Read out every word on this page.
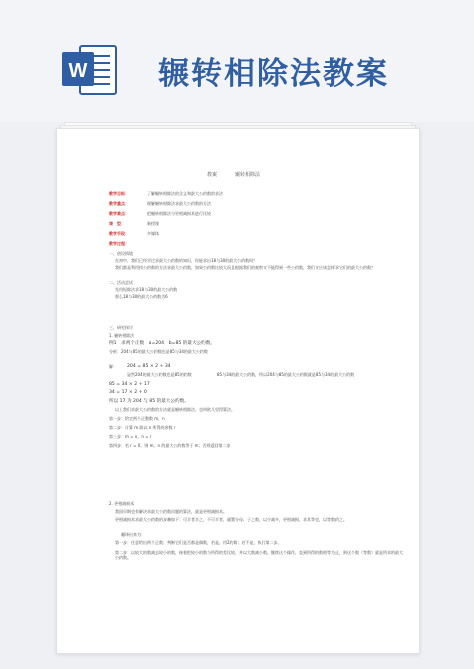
W 辗转相除法教案
教案	辗转相除法
教学目标：	了解辗转相除法的含义和最大公约数的求法
教学重点：	理解辗转相除法求最大公约数的方法
教学难点：	把辗转相除法与更相减损术进行比较
课　型：	新授课
教学手段：	多媒体
教学过程：
一、创设情境
在初中，我们已经学过求最大公约数的知识，你能求出18与30的最大公约数吗？
我们都是利用找公约数的方法求最大公约数，如果公约数比较大而且根据我们的观察又不能得到一些公约数，我们又应该怎样求它们的最大公约数？
二、活动尝试
先用短除法求18与30的最大公约数
那么18与30的最大公约数为6
三、研究探讨
1. 辗转相除法
例1　求两个正数　a=204　b=85 的最大公约数。
分析：204与85的最大公约数也是85与34的最大公约数
解： 204 = 85 × 2 + 34
显然204的最大公约数也是85的约数	85与34的最大公约数，所以204与85的最大公约数就是85与34的最大公约数
85 = 34 × 2 + 17
34 = 17 × 2 + 0
所以 17 为 204 与 85 的最大公约数。
以上我们求最大公约数的方法就是辗转相除法，也叫欧几里得算法。
第一步：给定两个正整数 m，n
第二步：计算 m 除以 n 所得的余数 r
第三步：m = n，n = r
第四步：若 r = 0，则 m，n 的最大公约数等于 m；否则返回第二步
2. 更相减损术
我国早期也有解决求最大公约数问题的算法，就是更相减损术。
更相减损术求最大公约数的步骤如下：可半者半之，不可半者，副置分母、子之数，以少减多，更相减损，求其等也，以等数约之。
翻译出来为：
第一步：任意给出两个正数；判断它们是否都是偶数，若是，用2约简；若不是，执行第二步。
第二步：以较大的数减去较小的数，接着把较小的数与所得的差比较，并以大数减小数。继续这个操作，直到所得的数相等为止，则这个数（等数）就是所求的最大公约数。
